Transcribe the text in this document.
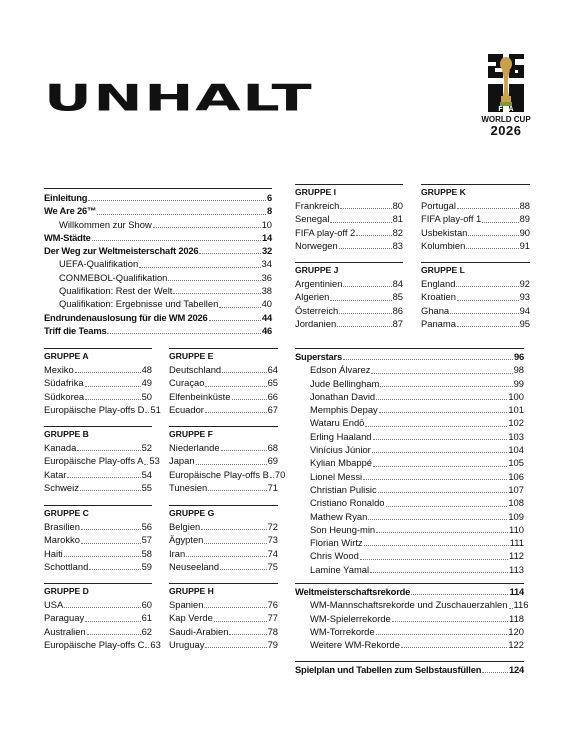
UNHALT	FIFA
WORLD CUP
2026
Einleitung	6
We Are 26™	8
Willkommen zur Show	10
WM-Städte	14
Der Weg zur Weltmeisterschaft 2026	32
UEFA-Qualifikation	34
CONMEBOL-Qualifikation	36
Qualifikation: Rest der Welt	38
Qualifikation: Ergebnisse und Tabellen	40
Endrundenauslosung für die WM 2026	44
Triff die Teams	46
GRUPPE I
Frankreich	80
Senegal	81
FIFA play-off 2	82
Norwegen	83
GRUPPE K
Portugal	88
FIFA play-off 1	89
Usbekistan	90
Kolumbien	91
GRUPPE J
Argentinien	84
Algerien	85
Österreich	86
Jordanien	87
GRUPPE L
England	92
Kroatien	93
Ghana	94
Panama	95
GRUPPE A
Mexiko	48
Südafrika	49
Südkorea	50
Europäische Play-offs D 51
GRUPPE E
Deutschland	64
Curaçao	65
Elfenbeinküste	66
Ecuador	67
GRUPPE B
Kanada	52
Europäische Play-offs A 53
Katar	54
Schweiz	55
GRUPPE F
Niederlande	68
Japan	69
Europäische Play-offs B 70
Tunesien	71
GRUPPE C
Brasilien	56
Marokko	57
Haiti	58
Schottland	59
GRUPPE G
Belgien	72
Ägypten	73
Iran	74
Neuseeland	75
GRUPPE D
USA	60
Paraguay	61
Australien	62
Europäische Play-offs C 63
GRUPPE H
Spanien	76
Kap Verde	77
Saudi-Arabien	78
Uruguay	79
Superstars	96
Edson Álvarez	98
Jude Bellingham	99
Jonathan David	100
Memphis Depay	101
Wataru Endō	102
Erling Haaland	103
Vinícius Júnior	104
Kylian Mbappé	105
Lionel Messi	106
Christian Pulisic	107
Cristiano Ronaldo	108
Mathew Ryan	109
Son Heung-min	110
Florian Wirtz	111
Chris Wood	112
Lamine Yamal	113
Weltmeisterschaftsrekorde	114
WM-Mannschaftsrekorde und Zuschauerzahlen 116
WM-Spielerrekorde	118
WM-Torrekorde	120
Weitere WM-Rekorde	122
Spielplan und Tabellen zum Selbstausfüllen	124
